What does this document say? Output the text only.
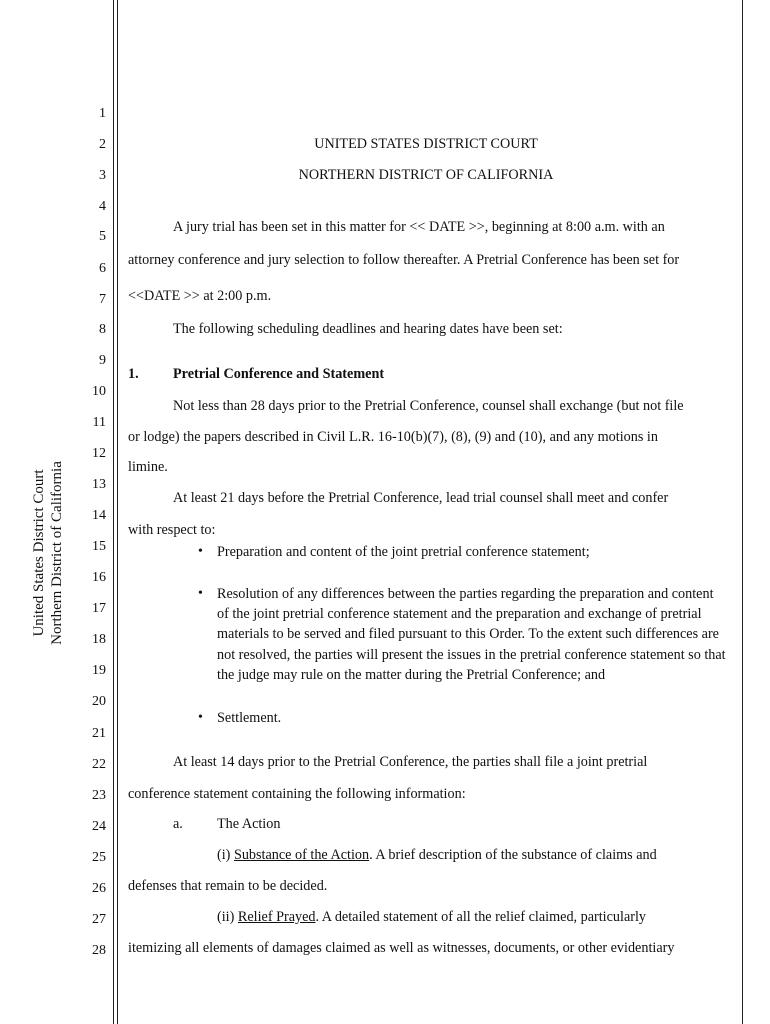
United States District Court Northern District of California
1
2
3
4
5
6
7
8
9
10
11
12
13
14
15
16
17
18
19
20
21
22
23
24
25
26
27
28
UNITED STATES DISTRICT COURT
NORTHERN DISTRICT OF CALIFORNIA
A jury trial has been set in this matter for << DATE >>, beginning at 8:00 a.m. with an
attorney conference and jury selection to follow thereafter. A Pretrial Conference has been set for
<<DATE >> at 2:00 p.m.
The following scheduling deadlines and hearing dates have been set:
1. Pretrial Conference and Statement
Not less than 28 days prior to the Pretrial Conference, counsel shall exchange (but not file
or lodge) the papers described in Civil L.R. 16-10(b)(7), (8), (9) and (10), and any motions in
limine.
At least 21 days before the Pretrial Conference, lead trial counsel shall meet and confer
with respect to:
• Preparation and content of the joint pretrial conference statement;
• Resolution of any differences between the parties regarding the preparation and content of the joint pretrial conference statement and the preparation and exchange of pretrial materials to be served and filed pursuant to this Order. To the extent such differences are not resolved, the parties will present the issues in the pretrial conference statement so that the judge may rule on the matter during the Pretrial Conference; and
• Settlement.
At least 14 days prior to the Pretrial Conference, the parties shall file a joint pretrial
conference statement containing the following information:
a. The Action
(i) Substance of the Action. A brief description of the substance of claims and
defenses that remain to be decided.
(ii) Relief Prayed. A detailed statement of all the relief claimed, particularly
itemizing all elements of damages claimed as well as witnesses, documents, or other evidentiary
